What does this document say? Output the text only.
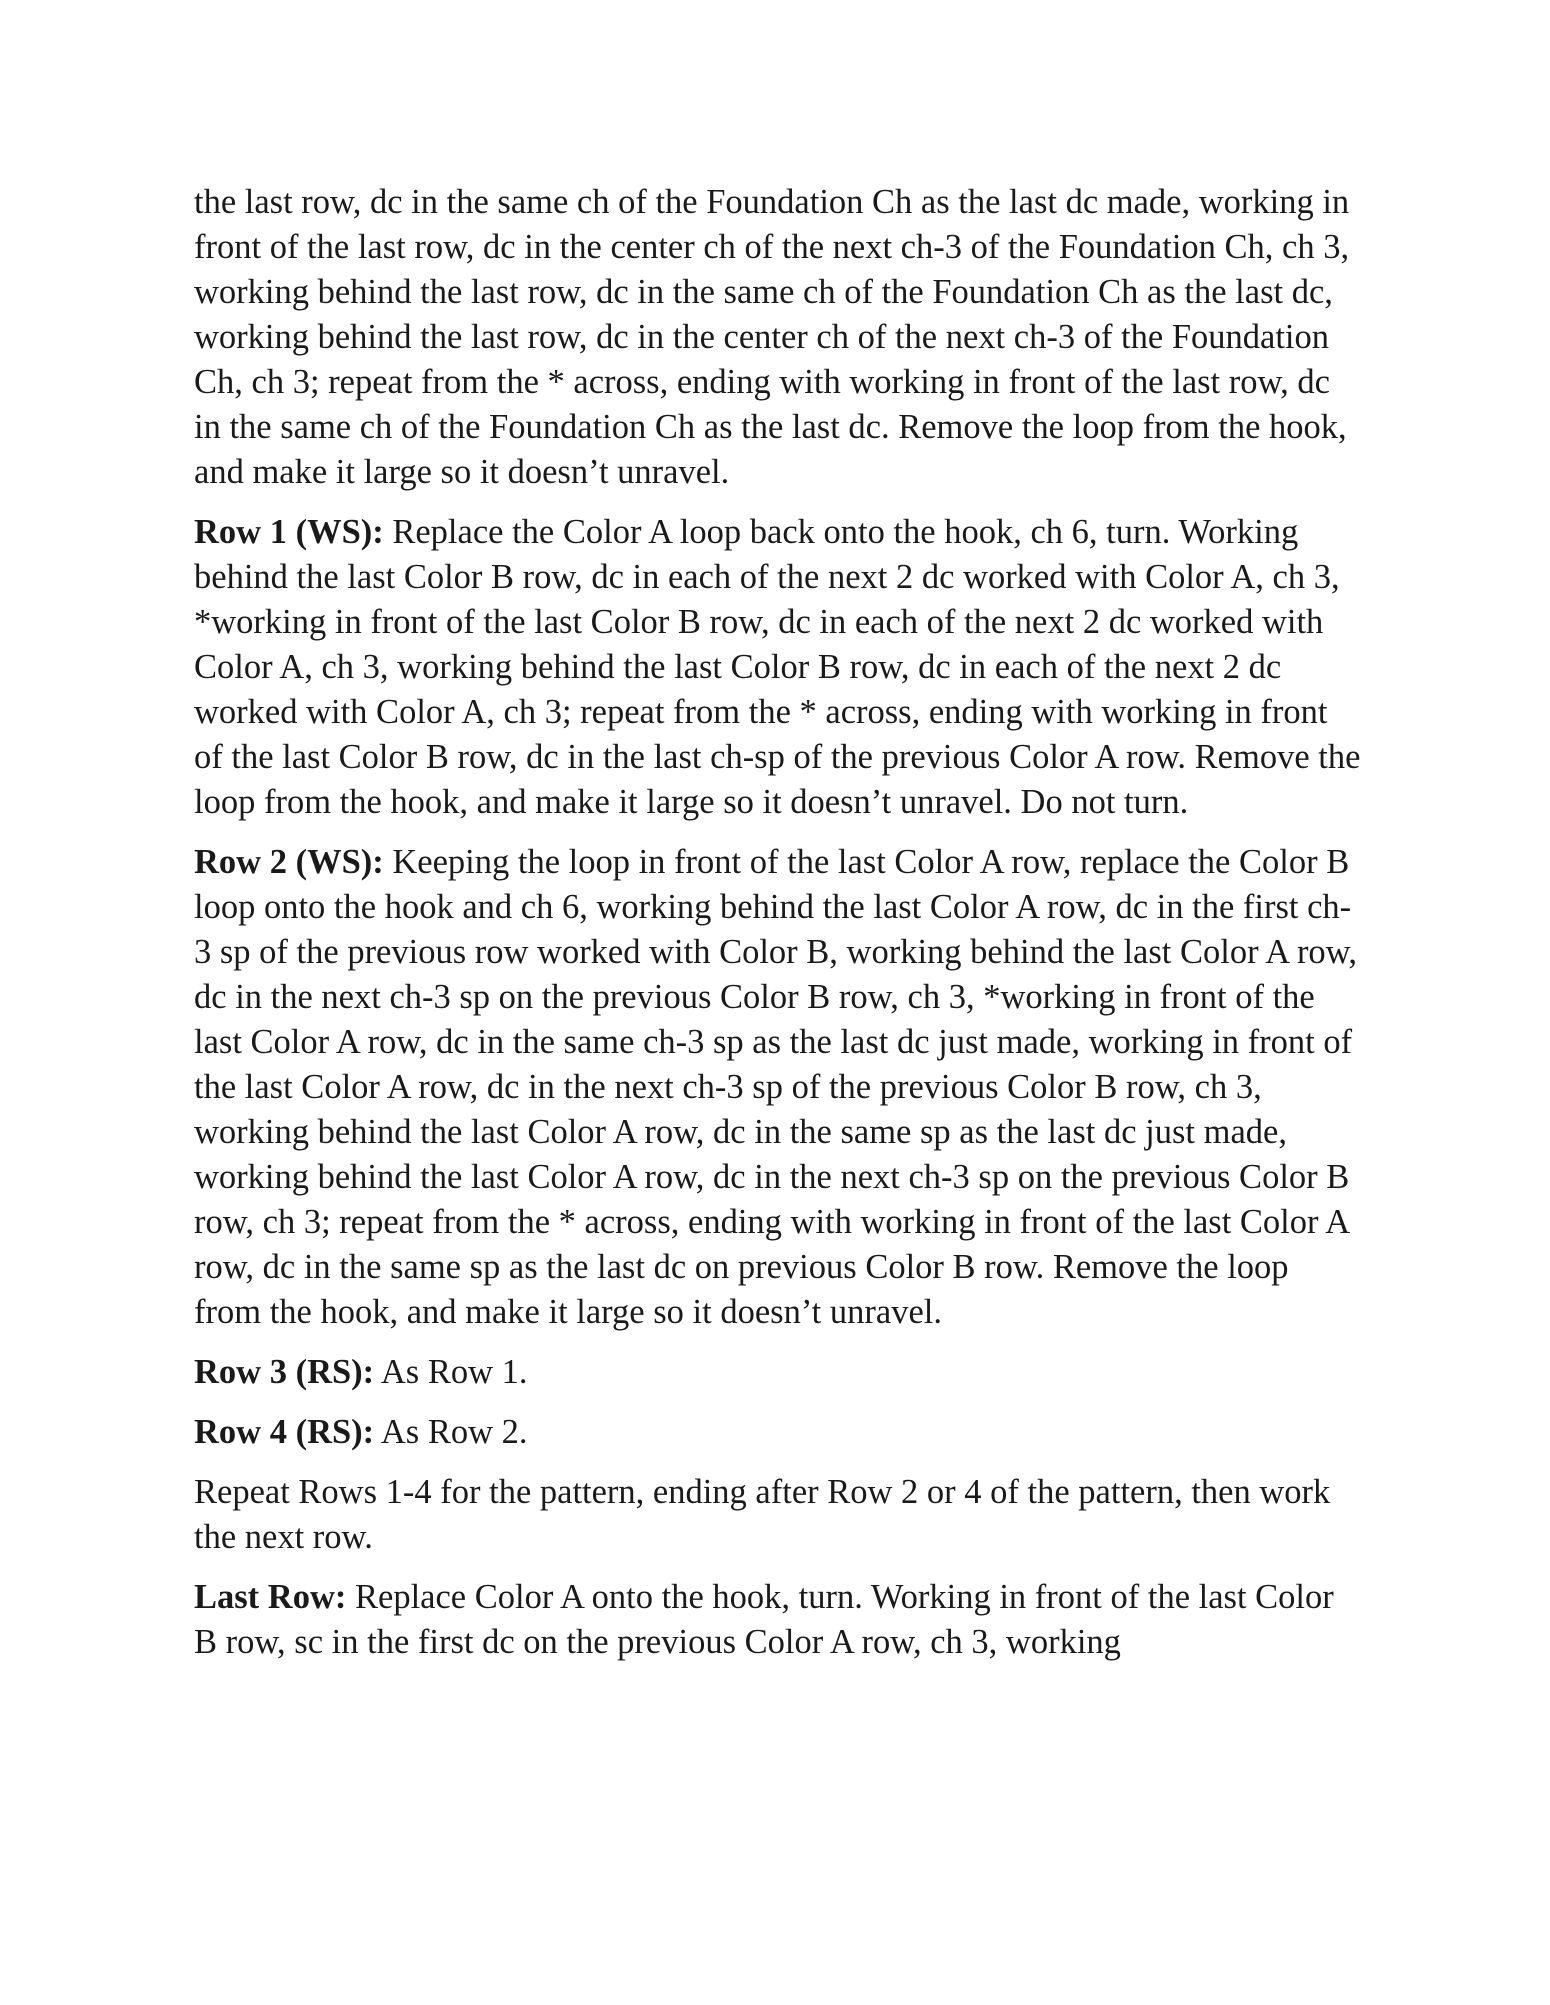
the last row, dc in the same ch of the Foundation Ch as the last dc made, working in front of the last row, dc in the center ch of the next ch-3 of the Foundation Ch, ch 3, working behind the last row, dc in the same ch of the Foundation Ch as the last dc, working behind the last row, dc in the center ch of the next ch-3 of the Foundation Ch, ch 3; repeat from the * across, ending with working in front of the last row, dc in the same ch of the Foundation Ch as the last dc. Remove the loop from the hook, and make it large so it doesn’t unravel.

Row 1 (WS): Replace the Color A loop back onto the hook, ch 6, turn. Working behind the last Color B row, dc in each of the next 2 dc worked with Color A, ch 3, *working in front of the last Color B row, dc in each of the next 2 dc worked with Color A, ch 3, working behind the last Color B row, dc in each of the next 2 dc worked with Color A, ch 3; repeat from the * across, ending with working in front of the last Color B row, dc in the last ch-sp of the previous Color A row. Remove the loop from the hook, and make it large so it doesn’t unravel. Do not turn.

Row 2 (WS): Keeping the loop in front of the last Color A row, replace the Color B loop onto the hook and ch 6, working behind the last Color A row, dc in the first ch-3 sp of the previous row worked with Color B, working behind the last Color A row, dc in the next ch-3 sp on the previous Color B row, ch 3, *working in front of the last Color A row, dc in the same ch-3 sp as the last dc just made, working in front of the last Color A row, dc in the next ch-3 sp of the previous Color B row, ch 3, working behind the last Color A row, dc in the same sp as the last dc just made, working behind the last Color A row, dc in the next ch-3 sp on the previous Color B row, ch 3; repeat from the * across, ending with working in front of the last Color A row, dc in the same sp as the last dc on previous Color B row. Remove the loop from the hook, and make it large so it doesn’t unravel.

Row 3 (RS): As Row 1.

Row 4 (RS): As Row 2.

Repeat Rows 1-4 for the pattern, ending after Row 2 or 4 of the pattern, then work the next row.

Last Row: Replace Color A onto the hook, turn. Working in front of the last Color B row, sc in the first dc on the previous Color A row, ch 3, working
